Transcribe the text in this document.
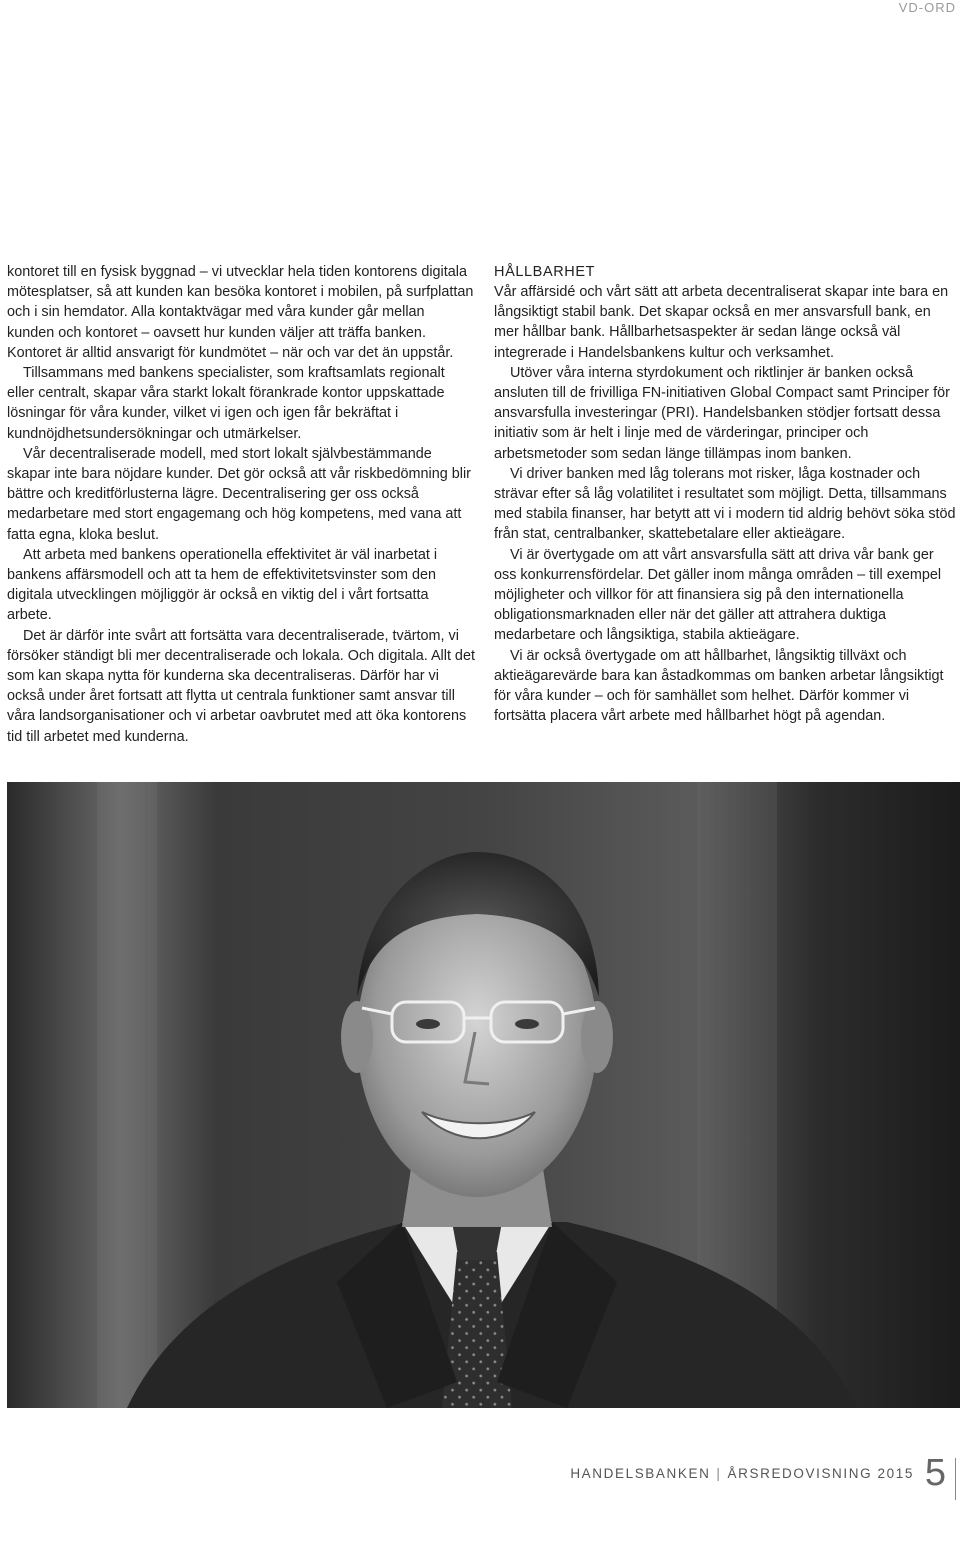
VD-ORD

kontoret till en fysisk byggnad – vi utvecklar hela tiden kontorens digitala mötesplatser, så att kunden kan besöka kontoret i mobilen, på surfplattan och i sin hemdator. Alla kontaktvägar med våra kunder går mellan kunden och kontoret – oavsett hur kunden väljer att träffa banken. Kontoret är alltid ansvarigt för kundmötet – när och var det än uppstår.

Tillsammans med bankens specialister, som kraftsamlats regionalt eller centralt, skapar våra starkt lokalt förankrade kontor uppskattade lösningar för våra kunder, vilket vi igen och igen får bekräftat i kundnöjdhetsundersökningar och utmärkelser.

Vår decentraliserade modell, med stort lokalt självbestämmande skapar inte bara nöjdare kunder. Det gör också att vår riskbedömning blir bättre och kreditförlusterna lägre. Decentralisering ger oss också medarbetare med stort engagemang och hög kompetens, med vana att fatta egna, kloka beslut.

Att arbeta med bankens operationella effektivitet är väl inarbetat i bankens affärsmodell och att ta hem de effektivitetsvinster som den digitala utvecklingen möjliggör är också en viktig del i vårt fortsatta arbete.

Det är därför inte svårt att fortsätta vara decentraliserade, tvärtom, vi försöker ständigt bli mer decentraliserade och lokala. Och digitala. Allt det som kan skapa nytta för kunderna ska decentraliseras. Därför har vi också under året fortsatt att flytta ut centrala funktioner samt ansvar till våra landsorganisationer och vi arbetar oavbrutet med att öka kontorens tid till arbetet med kunderna.

HÅLLBARHET

Vår affärsidé och vårt sätt att arbeta decentraliserat skapar inte bara en långsiktigt stabil bank. Det skapar också en mer ansvarsfull bank, en mer hållbar bank. Hållbarhetsaspekter är sedan länge också väl integrerade i Handelsbankens kultur och verksamhet.

Utöver våra interna styrdokument och riktlinjer är banken också ansluten till de frivilliga FN-initiativen Global Compact samt Principer för ansvarsfulla investeringar (PRI). Handelsbanken stödjer fortsatt dessa initiativ som är helt i linje med de värderingar, principer och arbetsmetoder som sedan länge tillämpas inom banken.

Vi driver banken med låg tolerans mot risker, låga kostnader och strävar efter så låg volatilitet i resultatet som möjligt. Detta, tillsammans med stabila finanser, har betytt att vi i modern tid aldrig behövt söka stöd från stat, centralbanker, skattebetalare eller aktieägare.

Vi är övertygade om att vårt ansvarsfulla sätt att driva vår bank ger oss konkurrensfördelar. Det gäller inom många områden – till exempel möjligheter och villkor för att finansiera sig på den internationella obligationsmarknaden eller när det gäller att attrahera duktiga medarbetare och långsiktiga, stabila aktieägare.

Vi är också övertygade om att hållbarhet, långsiktig tillväxt och aktieägarevärde bara kan åstadkommas om banken arbetar långsiktigt för våra kunder – och för samhället som helhet. Därför kommer vi fortsätta placera vårt arbete med hållbarhet högt på agendan.

HANDELSBANKEN | ÅRSREDOVISNING 2015 5
